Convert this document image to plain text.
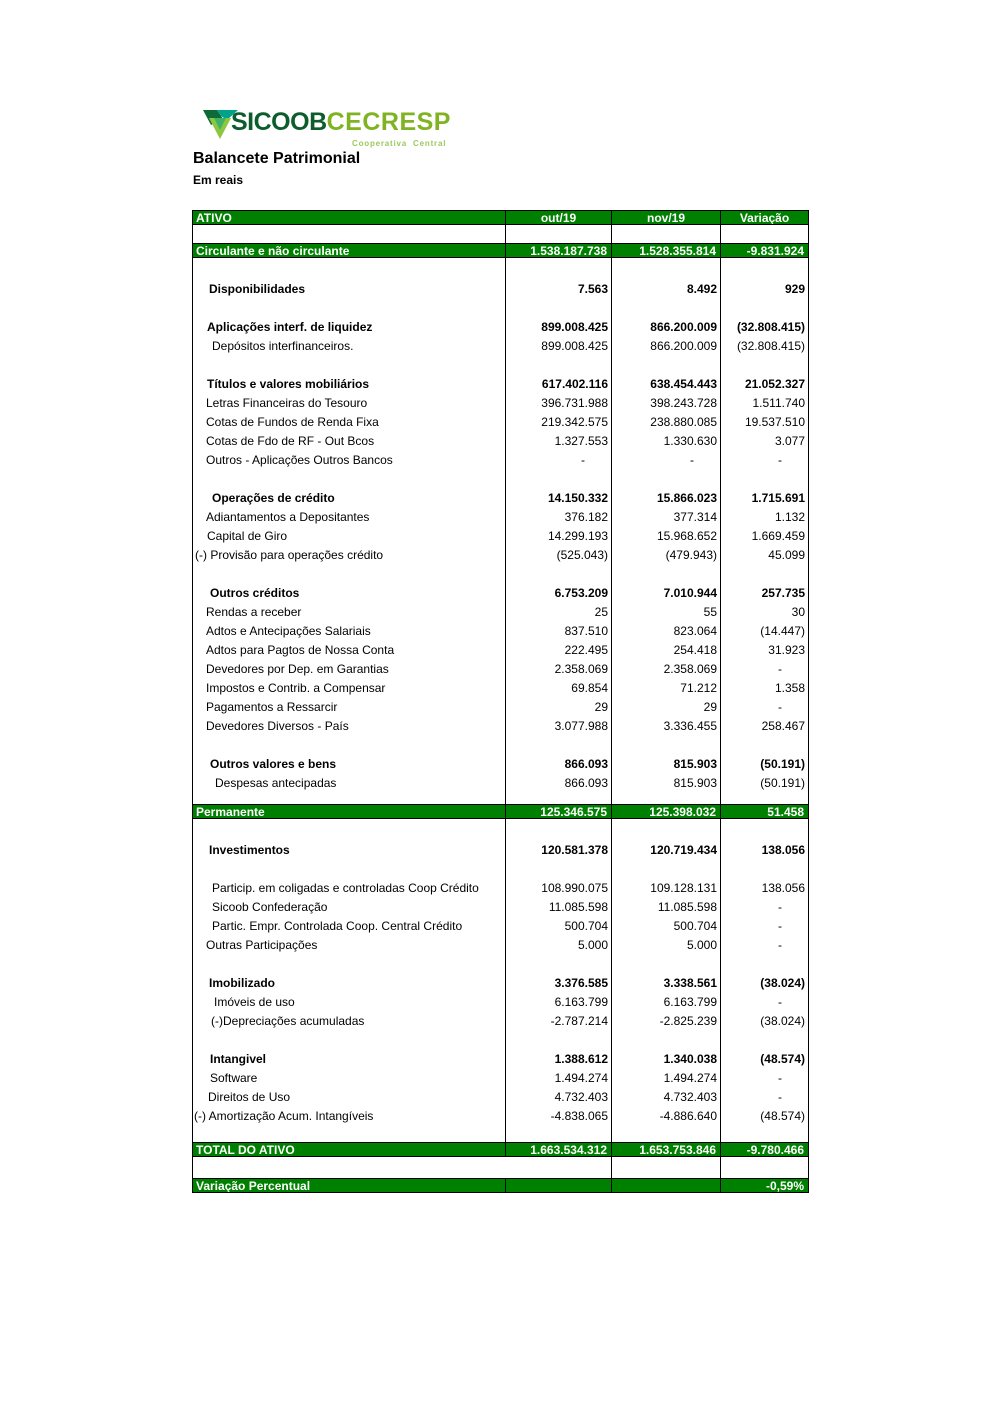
SICOOBCECRESP
Cooperativa Central
Balancete Patrimonial
Em reais
ATIVO	out/19	nov/19	Variação

Circulante e não circulante	1.538.187.738	1.528.355.814	-9.831.924

Disponibilidades	7.563	8.492	929

Aplicações interf. de liquidez	899.008.425	866.200.009	(32.808.415)
Depósitos interfinanceiros.	899.008.425	866.200.009	(32.808.415)

Títulos e valores mobiliários	617.402.116	638.454.443	21.052.327
Letras Financeiras do Tesouro	396.731.988	398.243.728	1.511.740
Cotas de Fundos de Renda Fixa	219.342.575	238.880.085	19.537.510
Cotas de Fdo de RF - Out Bcos	1.327.553	1.330.630	3.077
Outros - Aplicações Outros Bancos	-	-	-

Operações de crédito	14.150.332	15.866.023	1.715.691
Adiantamentos a Depositantes	376.182	377.314	1.132
Capital de Giro	14.299.193	15.968.652	1.669.459
(-) Provisão para operações crédito	(525.043)	(479.943)	45.099

Outros créditos	6.753.209	7.010.944	257.735
Rendas a receber	25	55	30
Adtos e Antecipações Salariais	837.510	823.064	(14.447)
Adtos para Pagtos de Nossa Conta	222.495	254.418	31.923
Devedores por Dep. em Garantias	2.358.069	2.358.069	-
Impostos e Contrib. a Compensar	69.854	71.212	1.358
Pagamentos a Ressarcir	29	29	-
Devedores Diversos - País	3.077.988	3.336.455	258.467

Outros valores e bens	866.093	815.903	(50.191)
Despesas antecipadas	866.093	815.903	(50.191)

Permanente	125.346.575	125.398.032	51.458

Investimentos	120.581.378	120.719.434	138.056

Particip. em coligadas e controladas Coop Crédito	108.990.075	109.128.131	138.056
Sicoob Confederação	11.085.598	11.085.598	-
Partic. Empr. Controlada Coop. Central Crédito	500.704	500.704	-
Outras Participações	5.000	5.000	-

Imobilizado	3.376.585	3.338.561	(38.024)
Imóveis de uso	6.163.799	6.163.799	-
(-)Depreciações acumuladas	-2.787.214	-2.825.239	(38.024)

Intangivel	1.388.612	1.340.038	(48.574)
Software	1.494.274	1.494.274	-
Direitos de Uso	4.732.403	4.732.403	-
(-) Amortização Acum. Intangíveis	-4.838.065	-4.886.640	(48.574)

TOTAL DO ATIVO	1.663.534.312	1.653.753.846	-9.780.466

Variação Percentual			-0,59%
